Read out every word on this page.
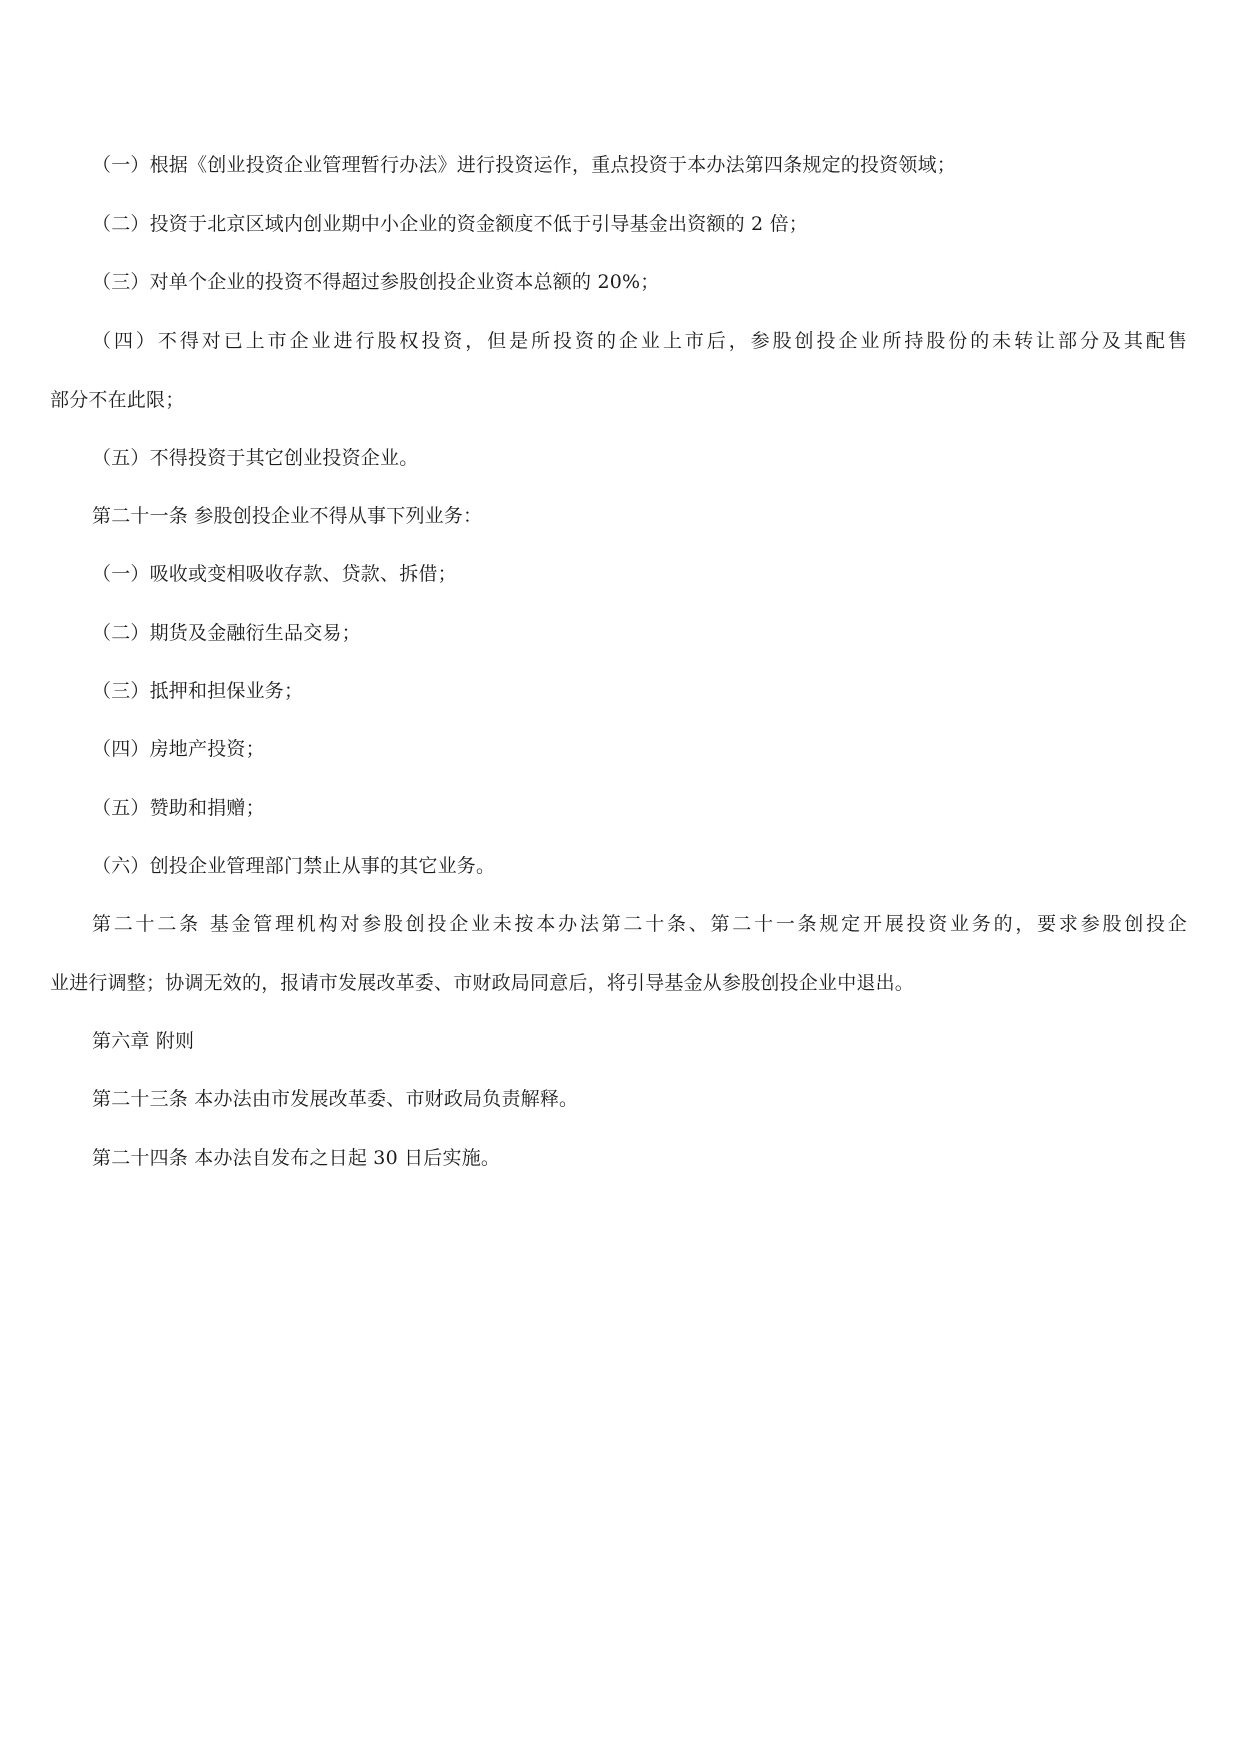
（一）根据《创业投资企业管理暂行办法》进行投资运作，重点投资于本办法第四条规定的投资领域；
（二）投资于北京区域内创业期中小企业的资金额度不低于引导基金出资额的 2 倍；
（三）对单个企业的投资不得超过参股创投企业资本总额的 20%；
（四）不得对已上市企业进行股权投资，但是所投资的企业上市后，参股创投企业所持股份的未转让部分及其配售
部分不在此限；
（五）不得投资于其它创业投资企业。
第二十一条 参股创投企业不得从事下列业务：
（一）吸收或变相吸收存款、贷款、拆借；
（二）期货及金融衍生品交易；
（三）抵押和担保业务；
（四）房地产投资；
（五）赞助和捐赠；
（六）创投企业管理部门禁止从事的其它业务。
第二十二条 基金管理机构对参股创投企业未按本办法第二十条、第二十一条规定开展投资业务的，要求参股创投企
业进行调整；协调无效的，报请市发展改革委、市财政局同意后，将引导基金从参股创投企业中退出。
第六章 附则
第二十三条 本办法由市发展改革委、市财政局负责解释。
第二十四条 本办法自发布之日起 30 日后实施。
